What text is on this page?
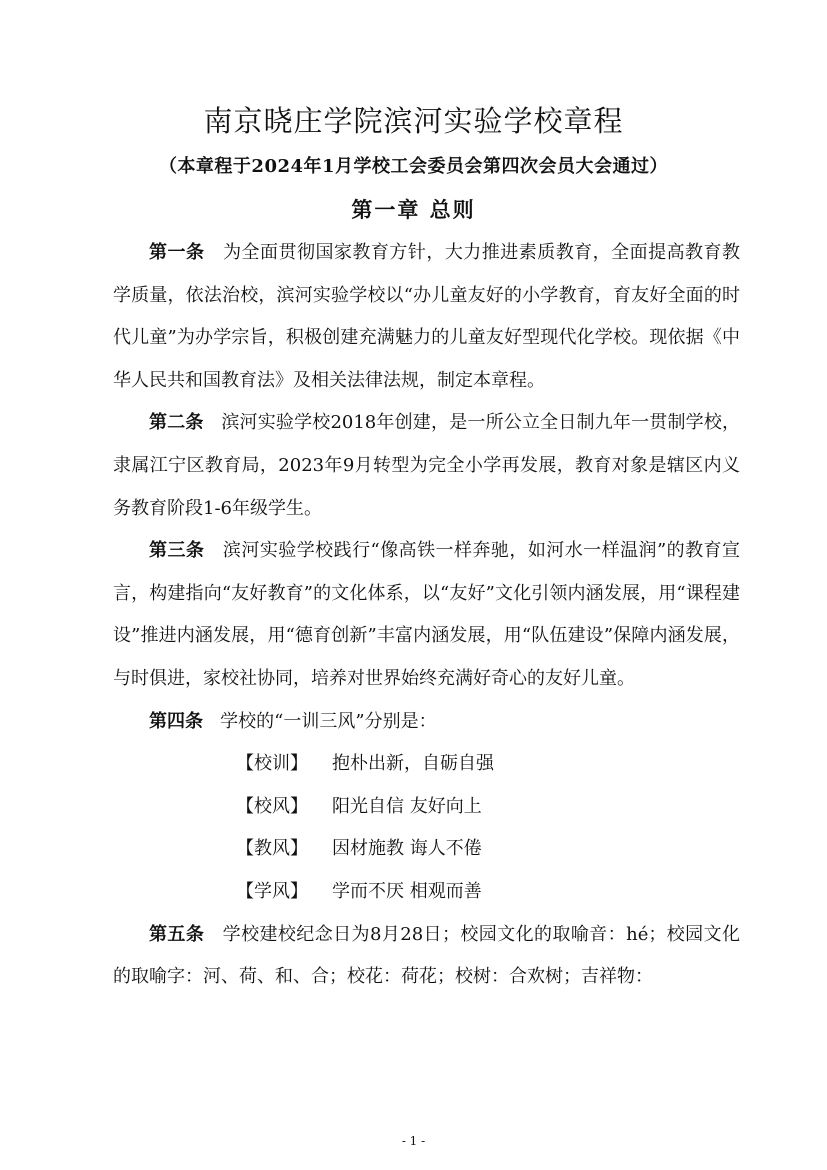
南京晓庄学院滨河实验学校章程
（本章程于2024年1月学校工会委员会第四次会员大会通过）
第一章 总则

第一条 为全面贯彻国家教育方针，大力推进素质教育，全面提高教育教学质量，依法治校，滨河实验学校以“办儿童友好的小学教育，育友好全面的时代儿童”为办学宗旨，积极创建充满魅力的儿童友好型现代化学校。现依据《中华人民共和国教育法》及相关法律法规，制定本章程。

第二条 滨河实验学校2018年创建，是一所公立全日制九年一贯制学校，隶属江宁区教育局，2023年9月转型为完全小学再发展，教育对象是辖区内义务教育阶段1-6年级学生。

第三条 滨河实验学校践行“像高铁一样奔驰，如河水一样温润”的教育宣言，构建指向“友好教育”的文化体系，以“友好”文化引领内涵发展，用“课程建设”推进内涵发展，用“德育创新”丰富内涵发展，用“队伍建设”保障内涵发展，与时俱进，家校社协同，培养对世界始终充满好奇心的友好儿童。

第四条 学校的“一训三风”分别是：

【校训】 抱朴出新，自砺自强

【校风】 阳光自信 友好向上

【教风】 因材施教 诲人不倦

【学风】 学而不厌 相观而善

第五条 学校建校纪念日为8月28日；校园文化的取喻音：hé；校园文化的取喻字：河、荷、和、合；校花：荷花；校树：合欢树；吉祥物：

- 1 -
